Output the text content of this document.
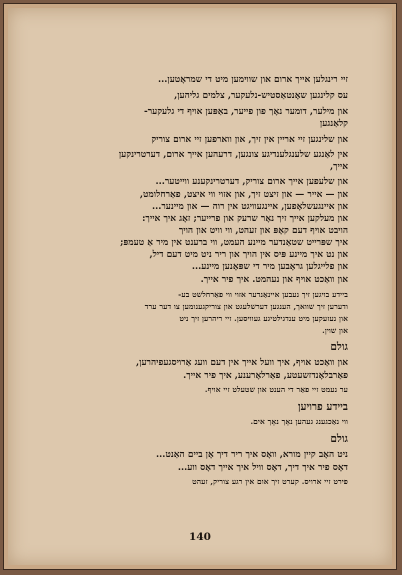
זיי רינגלען אייך ארום און שווימען מיט די שמראָטען...
עס קלינגען שאָנטאַסטיש-נלעקער, צלמים גליהען,
און מילער, דומער נאָך פון פייער, באַפּען אויף די גלעקער-
קלאַנגען
און שלינגען זיי אריין אין זיך, און ווארפען זיי ארום צוריק
אין לאַנגע שלענגלענדיגע צונגען, דרעהען אייך ארום, דערטרינקען
אייך,
און שלעפען אייך ארום צוריק, דערטרינקענע ווייטער...
און — אייר — און זיצט זיך, און אזוי ווי איצט, פאַרחלומט,
און איינגעשלאָפען, איינגעוויגט אין רוה — און מיינער...
און מעלקען אייך זיך נאָר שרעק און פרייער; זאָג איך אייך:
הויבט אויף דעם קאָפּ און זעהט, ווי וויט און הויך
איך שפּרייט שטאַנדער מיינע העמט, ווי ברענט אין מיר אַ טעמפּ;
און נט איך מיינע פּיס אין הויך און ריר ניט מיט דעם דיל,
און פלייגלען גראָבען מיר די שפּאָנען מיינע...
און וואַכט אויף און נעהמט. איך פיר אייך.
ביידע בויגען זיך נעבען איינאַנדער אזוי ווי פאַרחלשט בע-
ודערען זיך שוואך, הענגען דערשלעגט און צוריקגענומען צו דער ערד
און נעזעקען מיט ענדגילטיגע געוויסען. זיי ריהרען זיך ניט
און שוין.
גולם
און וואַכט אויף, איך וועל אייך אין דעם וועג אַרויסגעפיהרען,
פאַרבלאָנדזשעטע, פאַרלאָרענע, איך פיר אייך.
ער נעמט זיי פאַר די הענט און שטעלט זיי אויף.
ביידע פרויען
ווי נאַכגענג געהען נאָך נאָך אים.
גולם
ניט האָב קיין מורא, וואָס איך ריר דיך אָן ביים האַנט...
דאָס פיר איך דיך, דאָס וויל איך אייך דאָס ווע...
פירט זיי ארויס. קערט זיך אום אין רגע צוריק, זעהט
140
